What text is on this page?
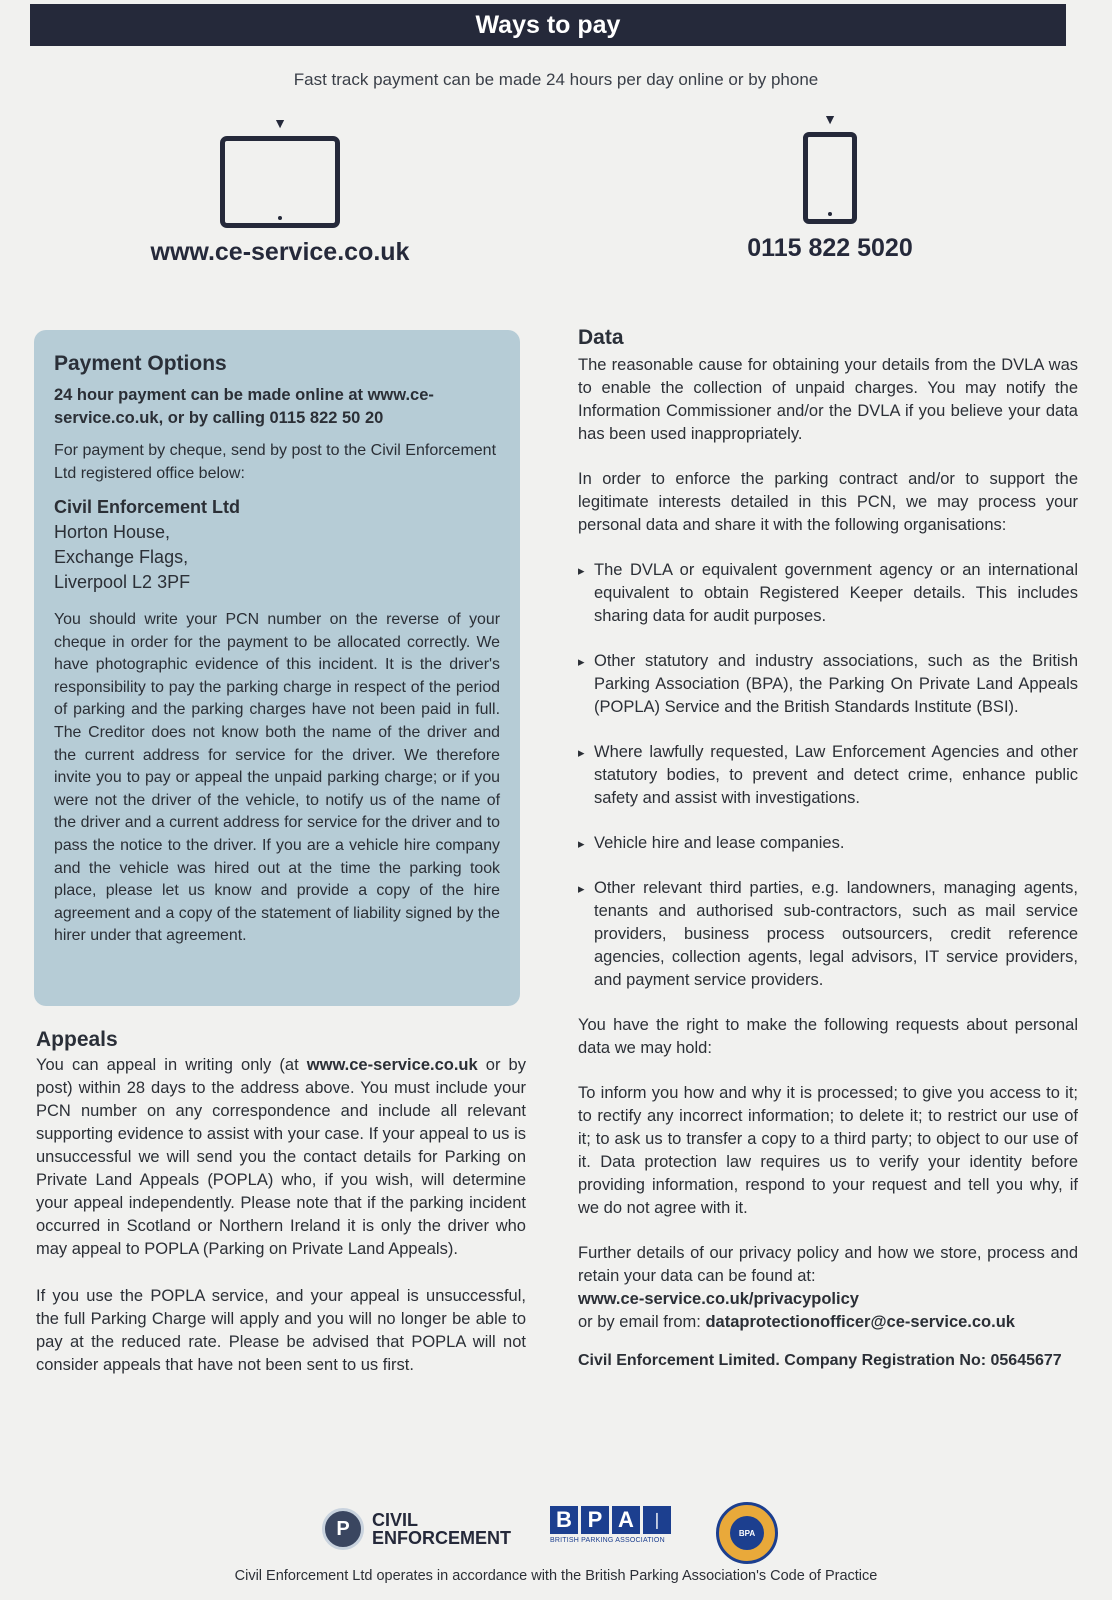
Ways to pay
Fast track payment can be made 24 hours per day online or by phone
▼
www.ce-service.co.uk
▼
0115 822 5020
Payment Options

24 hour payment can be made online at www.ce-service.co.uk, or by calling 0115 822 50 20

For payment by cheque, send by post to the Civil Enforcement Ltd registered office below:

Civil Enforcement Ltd
Horton House,
Exchange Flags,
Liverpool L2 3PF

You should write your PCN number on the reverse of your cheque in order for the payment to be allocated correctly. We have photographic evidence of this incident. It is the driver's responsibility to pay the parking charge in respect of the period of parking and the parking charges have not been paid in full. The Creditor does not know both the name of the driver and the current address for service for the driver. We therefore invite you to pay or appeal the unpaid parking charge; or if you were not the driver of the vehicle, to notify us of the name of the driver and a current address for service for the driver and to pass the notice to the driver. If you are a vehicle hire company and the vehicle was hired out at the time the parking took place, please let us know and provide a copy of the hire agreement and a copy of the statement of liability signed by the hirer under that agreement.

Appeals

You can appeal in writing only (at www.ce-service.co.uk or by post) within 28 days to the address above. You must include your PCN number on any correspondence and include all relevant supporting evidence to assist with your case. If your appeal to us is unsuccessful we will send you the contact details for Parking on Private Land Appeals (POPLA) who, if you wish, will determine your appeal independently. Please note that if the parking incident occurred in Scotland or Northern Ireland it is only the driver who may appeal to POPLA (Parking on Private Land Appeals).

If you use the POPLA service, and your appeal is unsuccessful, the full Parking Charge will apply and you will no longer be able to pay at the reduced rate. Please be advised that POPLA will not consider appeals that have not been sent to us first.

Data

The reasonable cause for obtaining your details from the DVLA was to enable the collection of unpaid charges. You may notify the Information Commissioner and/or the DVLA if you believe your data has been used inappropriately.

In order to enforce the parking contract and/or to support the legitimate interests detailed in this PCN, we may process your personal data and share it with the following organisations:

▸ The DVLA or equivalent government agency or an international equivalent to obtain Registered Keeper details. This includes sharing data for audit purposes.
▸ Other statutory and industry associations, such as the British Parking Association (BPA), the Parking On Private Land Appeals (POPLA) Service and the British Standards Institute (BSI).
▸ Where lawfully requested, Law Enforcement Agencies and other statutory bodies, to prevent and detect crime, enhance public safety and assist with investigations.
▸ Vehicle hire and lease companies.
▸ Other relevant third parties, e.g. landowners, managing agents, tenants and authorised sub-contractors, such as mail service providers, business process outsourcers, credit reference agencies, collection agents, legal advisors, IT service providers, and payment service providers.

You have the right to make the following requests about personal data we may hold:

To inform you how and why it is processed; to give you access to it; to rectify any incorrect information; to delete it; to restrict our use of it; to ask us to transfer a copy to a third party; to object to our use of it. Data protection law requires us to verify your identity before providing information, respond to your request and tell you why, if we do not agree with it.

Further details of our privacy policy and how we store, process and retain your data can be found at:

www.ce-service.co.uk/privacypolicy
or by email from: dataprotectionofficer@ce-service.co.uk
Civil Enforcement Limited. Company Registration No: 05645677
P	CIVIL
ENFORCEMENT
B P A	❘
BRITISH PARKING ASSOCIATION
BPA
Civil Enforcement Ltd operates in accordance with the British Parking Association's Code of Practice
